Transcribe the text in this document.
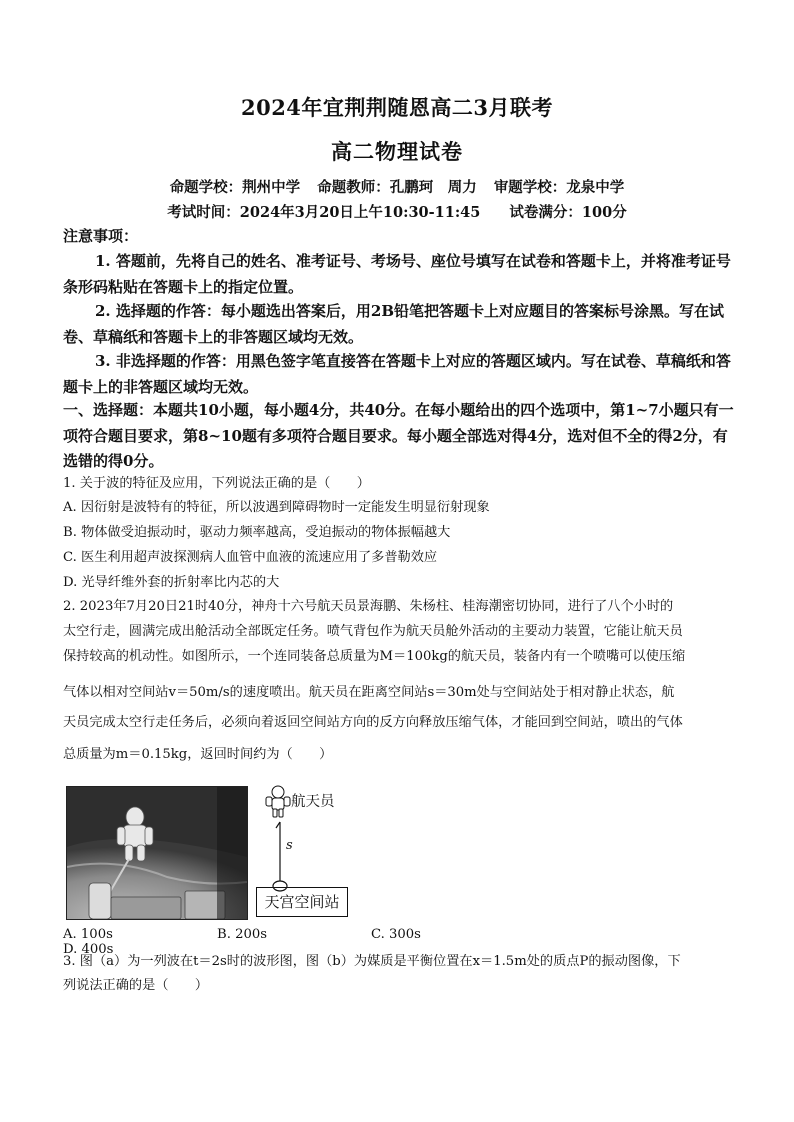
2024年宜荆荆随恩高二3月联考
高二物理试卷
命题学校：荆州中学 命题教师：孔鹏珂　周力 审题学校：龙泉中学
考试时间：2024年3月20日上午10:30-11:45 试卷满分：100分
注意事项：
1. 答题前，先将自己的姓名、准考证号、考场号、座位号填写在试卷和答题卡上，并将准考证号条形码粘贴在答题卡上的指定位置。
2. 选择题的作答：每小题选出答案后，用2B铅笔把答题卡上对应题目的答案标号涂黑。写在试卷、草稿纸和答题卡上的非答题区域均无效。
3. 非选择题的作答：用黑色签字笔直接答在答题卡上对应的答题区域内。写在试卷、草稿纸和答题卡上的非答题区域均无效。
一、选择题：本题共10小题，每小题4分，共40分。在每小题给出的四个选项中，第1~7小题只有一项符合题目要求，第8~10题有多项符合题目要求。每小题全部选对得4分，选对但不全的得2分，有选错的得0分。
1. 关于波的特征及应用，下列说法正确的是（　　）
A. 因衍射是波特有的特征，所以波遇到障碍物时一定能发生明显衍射现象
B. 物体做受迫振动时，驱动力频率越高，受迫振动的物体振幅越大
C. 医生利用超声波探测病人血管中血液的流速应用了多普勒效应
D. 光导纤维外套的折射率比内芯的大
2. 2023年7月20日21时40分，神舟十六号航天员景海鹏、朱杨柱、桂海潮密切协同，进行了八个小时的
太空行走，圆满完成出舱活动全部既定任务。喷气背包作为航天员舱外活动的主要动力装置，它能让航天员
保持较高的机动性。如图所示，一个连同装备总质量为M＝100kg的航天员，装备内有一个喷嘴可以使压缩
气体以相对空间站v＝50m/s的速度喷出。航天员在距离空间站s＝30m处与空间站处于相对静止状态，航
天员完成太空行走任务后，必须向着返回空间站方向的反方向释放压缩气体，才能回到空间站，喷出的气体
总质量为m＝0.15kg，返回时间约为（　　）
航天员
s
天宫空间站
A. 100s	B. 200s	C. 300sD. 400s
3. 图（a）为一列波在t＝2s时的波形图，图（b）为媒质是平衡位置在x＝1.5m处的质点P的振动图像，下
列说法正确的是（　　）
